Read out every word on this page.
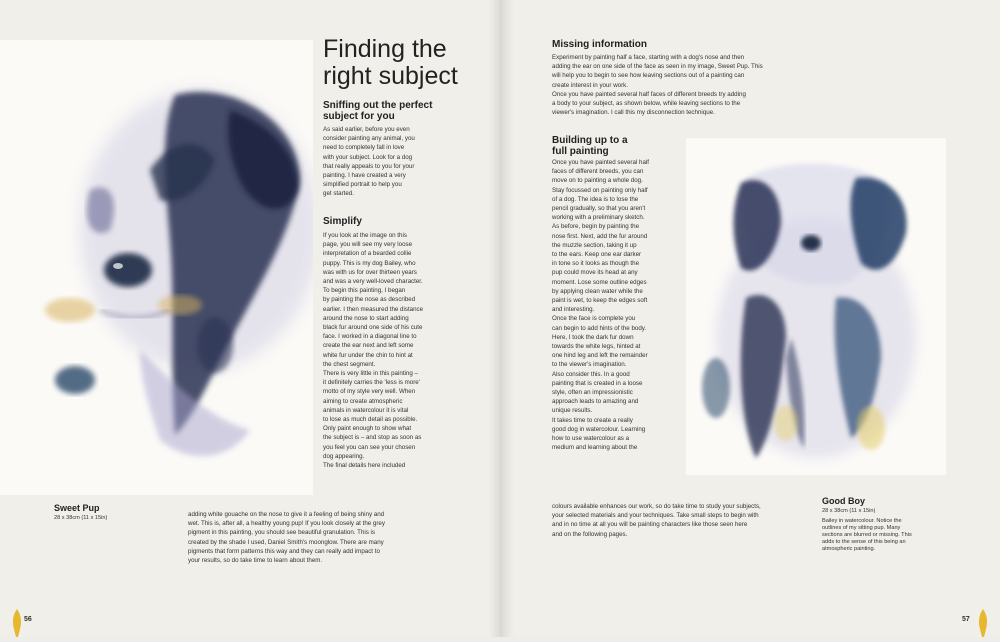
Finding the
right subject
Sniffing out the perfect
subject for you

As said earlier, before you even
consider painting any animal, you
need to completely fall in love
with your subject. Look for a dog
that really appeals to you for your
painting. I have created a very
simplified portrait to help you
get started.

Simplify

If you look at the image on this
page, you will see my very loose
interpretation of a bearded collie
puppy. This is my dog Bailey, who
was with us for over thirteen years
and was a very well-loved character.
To begin this painting, I began
by painting the nose as described
earlier. I then measured the distance
around the nose to start adding
black fur around one side of his cute
face. I worked in a diagonal line to
create the ear next and left some
white fur under the chin to hint at
the chest segment.
There is very little in this painting –
it definitely carries the 'less is more'
motto of my style very well. When
aiming to create atmospheric
animals in watercolour it is vital
to lose as much detail as possible.
Only paint enough to show what
the subject is – and stop as soon as
you feel you can see your chosen
dog appearing.
The final details here included

adding white gouache on the nose to give it a feeling of being shiny and
wet. This is, after all, a healthy young pup! If you look closely at the grey
pigment in this painting, you should see beautiful granulation. This is
created by the shade I used, Daniel Smith's moonglow. There are many
pigments that form patterns this way and they can really add impact to
your results, so do take time to learn about them.

Sweet Pup

28 x 38cm (11 x 15in)

56
Missing information

Experiment by painting half a face, starting with a dog's nose and then
adding the ear on one side of the face as seen in my image, Sweet Pup. This
will help you to begin to see how leaving sections out of a painting can
create interest in your work.
Once you have painted several half faces of different breeds try adding
a body to your subject, as shown below, while leaving sections to the
viewer's imagination. I call this my disconnection technique.

Building up to a
full painting

Once you have painted several half
faces of different breeds, you can
move on to painting a whole dog.
Stay focussed on painting only half
of a dog. The idea is to lose the
pencil gradually, so that you aren't
working with a preliminary sketch.
As before, begin by painting the
nose first. Next, add the fur around
the muzzle section, taking it up
to the ears. Keep one ear darker
in tone so it looks as though the
pup could move its head at any
moment. Lose some outline edges
by applying clean water while the
paint is wet, to keep the edges soft
and interesting.
Once the face is complete you
can begin to add hints of the body.
Here, I took the dark fur down
towards the white legs, hinted at
one hind leg and left the remainder
to the viewer's imagination.
Also consider this. In a good
painting that is created in a loose
style, often an impressionistic
approach leads to amazing and
unique results.
It takes time to create a really
good dog in watercolour. Learning
how to use watercolour as a
medium and learning about the

colours available enhances our work, so do take time to study your subjects,
your selected materials and your techniques. Take small steps to begin with
and in no time at all you will be painting characters like those seen here
and on the following pages.

Good Boy

28 x 38cm (11 x 15in)

Bailey in watercolour. Notice the
outlines of my sitting pup. Many
sections are blurred or missing. This
adds to the sense of this being an
atmospheric painting.

57
